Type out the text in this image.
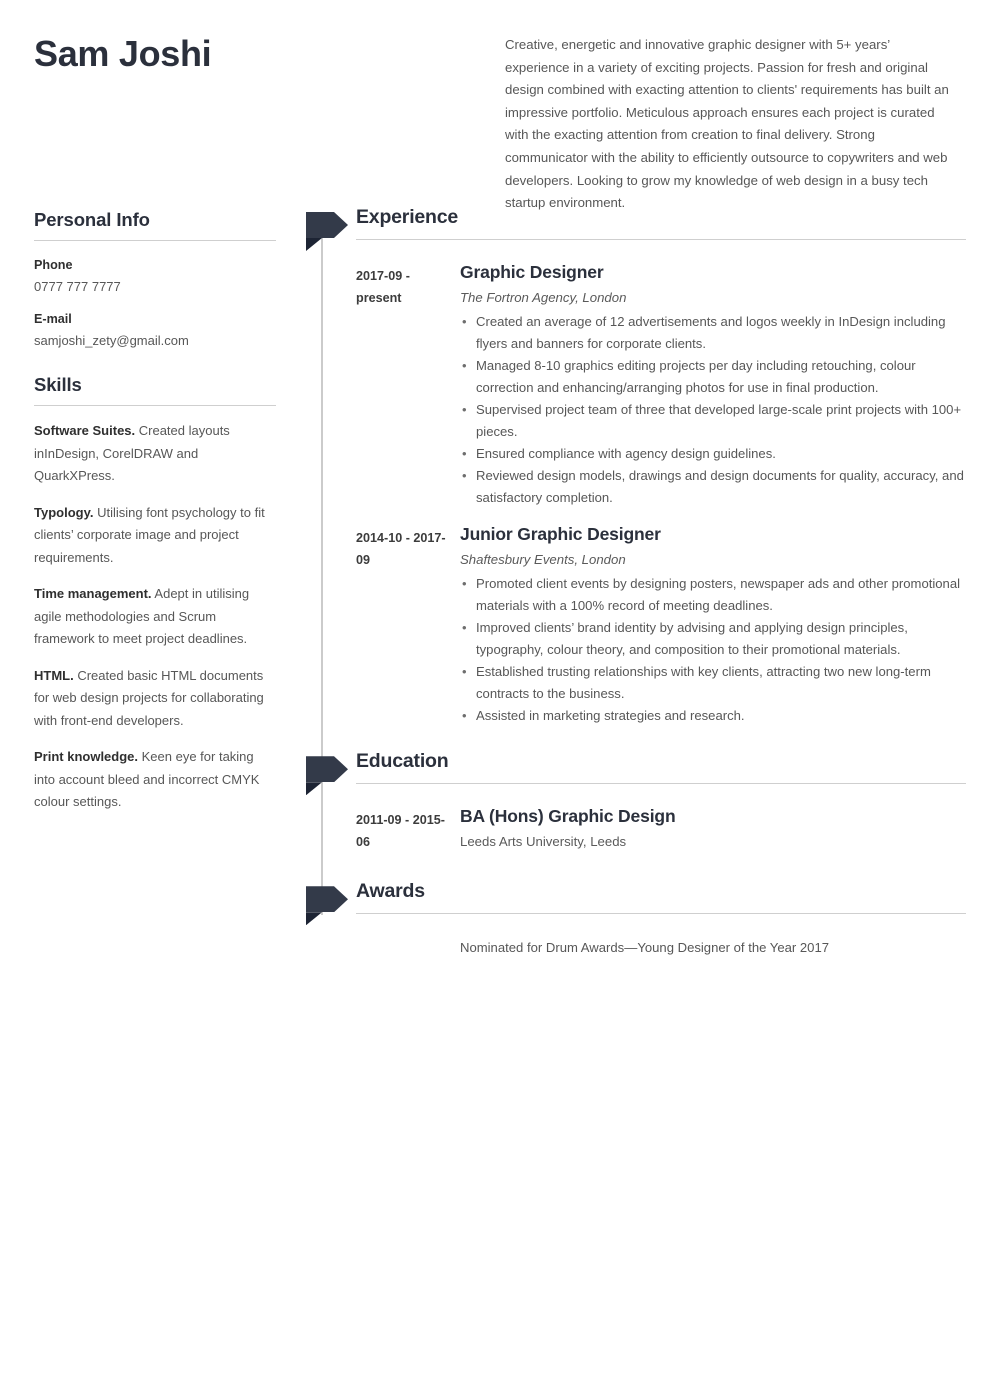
Sam Joshi	Creative, energetic and innovative graphic designer with 5+ years’ experience in a variety of exciting projects. Passion for fresh and original design combined with exacting attention to clients' requirements has built an impressive portfolio. Meticulous approach ensures each project is curated with the exacting attention from creation to final delivery. Strong communicator with the ability to efficiently outsource to copywriters and web developers. Looking to grow my knowledge of web design in a busy tech startup environment.
Personal Info
Phone
0777 777 7777
E-mail
samjoshi_zety@gmail.com
Skills
Software Suites. Created layouts inInDesign, CorelDRAW and QuarkXPress.
Typology. Utilising font psychology to fit clients’ corporate image and project requirements.
Time management. Adept in utilising agile methodologies and Scrum framework to meet project deadlines.
HTML. Created basic HTML documents for web design projects for collaborating with front-end developers.
Print knowledge. Keen eye for taking into account bleed and incorrect CMYK colour settings.
Experience
2017-09 - present
Graphic Designer
The Fortron Agency, London
• Created an average of 12 advertisements and logos weekly in InDesign including flyers and banners for corporate clients.
• Managed 8-10 graphics editing projects per day including retouching, colour correction and enhancing/arranging photos for use in final production.
• Supervised project team of three that developed large-scale print projects with 100+ pieces.
• Ensured compliance with agency design guidelines.
• Reviewed design models, drawings and design documents for quality, accuracy, and satisfactory completion.
2014-10 - 2017-09
Junior Graphic Designer
Shaftesbury Events, London
• Promoted client events by designing posters, newspaper ads and other promotional materials with a 100% record of meeting deadlines.
• Improved clients’ brand identity by advising and applying design principles, typography, colour theory, and composition to their promotional materials.
• Established trusting relationships with key clients, attracting two new long-term contracts to the business.
• Assisted in marketing strategies and research.
Education
2011-09 - 2015-06
BA (Hons) Graphic Design
Leeds Arts University, Leeds
Awards
Nominated for Drum Awards—Young Designer of the Year 2017
